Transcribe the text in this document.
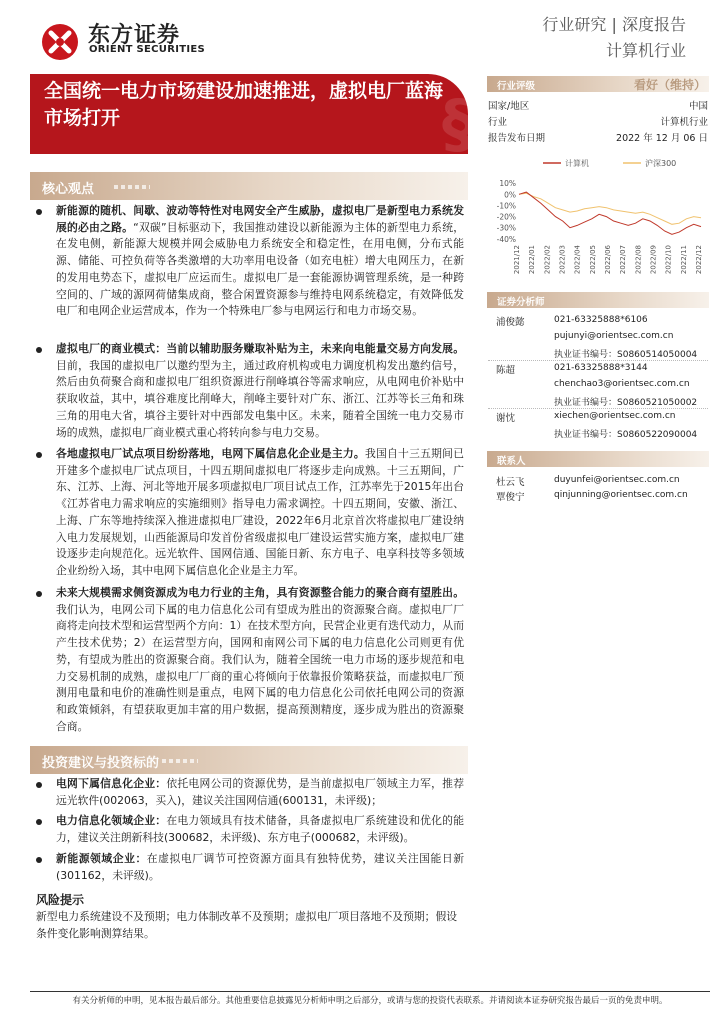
东方证券
ORIENT SECURITIES
行业研究 | 深度报告
计算机行业
§
全国统一电力市场建设加速推进，虚拟电厂蓝海市场打开
核心观点
新能源的随机、间歇、波动等特性对电网安全产生威胁，虚拟电厂是新型电力系统发展的必由之路。“双碳”目标驱动下，我国推动建设以新能源为主体的新型电力系统，在发电侧，新能源大规模并网会威胁电力系统安全和稳定性，在用电侧，分布式能源、储能、可控负荷等各类激增的大功率用电设备（如充电桩）增大电网压力，在新的发用电势态下，虚拟电厂应运而生。虚拟电厂是一套能源协调管理系统，是一种跨空间的、广域的源网荷储集成商，整合闲置资源参与维持电网系统稳定，有效降低发电厂和电网企业运营成本，作为一个特殊电厂参与电网运行和电力市场交易。
虚拟电厂的商业模式：当前以辅助服务赚取补贴为主，未来向电能量交易方向发展。目前，我国的虚拟电厂以邀约型为主，通过政府机构或电力调度机构发出邀约信号，然后由负荷聚合商和虚拟电厂组织资源进行削峰填谷等需求响应，从电网电价补贴中获取收益，其中，填谷难度比削峰大，削峰主要针对广东、浙江、江苏等长三角和珠三角的用电大省，填谷主要针对中西部发电集中区。未来，随着全国统一电力交易市场的成熟，虚拟电厂商业模式重心将转向参与电力交易。
各地虚拟电厂试点项目纷纷落地，电网下属信息化企业是主力。我国自十三五期间已开建多个虚拟电厂试点项目，十四五期间虚拟电厂将逐步走向成熟。十三五期间，广东、江苏、上海、河北等地开展多项虚拟电厂项目试点工作，江苏率先于2015年出台《江苏省电力需求响应的实施细则》指导电力需求调控。十四五期间，安徽、浙江、上海、广东等地持续深入推进虚拟电厂建设，2022年6月北京首次将虚拟电厂建设纳入电力发展规划，山西能源局印发首份省级虚拟电厂建设运营实施方案，虚拟电厂建设逐步走向规范化。远光软件、国网信通、国能日新、东方电子、电享科技等多领域企业纷纷入场，其中电网下属信息化企业是主力军。
未来大规模需求侧资源成为电力行业的主角，具有资源整合能力的聚合商有望胜出。我们认为，电网公司下属的电力信息化公司有望成为胜出的资源聚合商。虚拟电厂厂商将走向技术型和运营型两个方向：1）在技术型方向，民营企业更有迭代动力，从而产生技术优势；2）在运营型方向，国网和南网公司下属的电力信息化公司则更有优势，有望成为胜出的资源聚合商。我们认为，随着全国统一电力市场的逐步规范和电力交易机制的成熟，虚拟电厂厂商的重心将倾向于依靠报价策略获益，而虚拟电厂预测用电量和电价的准确性则是重点，电网下属的电力信息化公司依托电网公司的资源和政策倾斜，有望获取更加丰富的用户数据，提高预测精度，逐步成为胜出的资源聚合商。
投资建议与投资标的
电网下属信息化企业：依托电网公司的资源优势，是当前虚拟电厂领域主力军，推荐远光软件(002063，买入)，建议关注国网信通(600131，未评级)；
电力信息化领域企业：在电力领域具有技术储备，具备虚拟电厂系统建设和优化的能力，建议关注朗新科技(300682，未评级)、东方电子(000682，未评级)。
新能源领域企业：在虚拟电厂调节可控资源方面具有独特优势，建议关注国能日新(301162，未评级)。
风险提示
新型电力系统建设不及预期；电力体制改革不及预期；虚拟电厂项目落地不及预期；假设条件变化影响测算结果。
行业评级	看好（维持）
国家/地区	中国
行业	计算机行业
报告发布日期	2022 年 12 月 06 日
计算机	沪深300
10%
0%
-10%
-20%
-30%
-40%
2021/12 2022/01 2022/02 2022/03 2022/04 2022/05 2022/06 2022/07 2022/08 2022/09 2022/10 2022/11 2022/12
证券分析师
浦俊懿	021-63325888*6106
pujunyi@orientsec.com.cn
执业证书编号：S0860514050004
陈超	021-63325888*3144
chenchao3@orientsec.com.cn
执业证书编号：S0860521050002
谢忱	xiechen@orientsec.com.cn
执业证书编号：S0860522090004
联系人
杜云飞	duyunfei@orientsec.com.cn
覃俊宁	qinjunning@orientsec.com.cn
有关分析师的申明，见本报告最后部分。其他重要信息披露见分析师申明之后部分，或请与您的投资代表联系。并请阅读本证券研究报告最后一页的免责申明。
